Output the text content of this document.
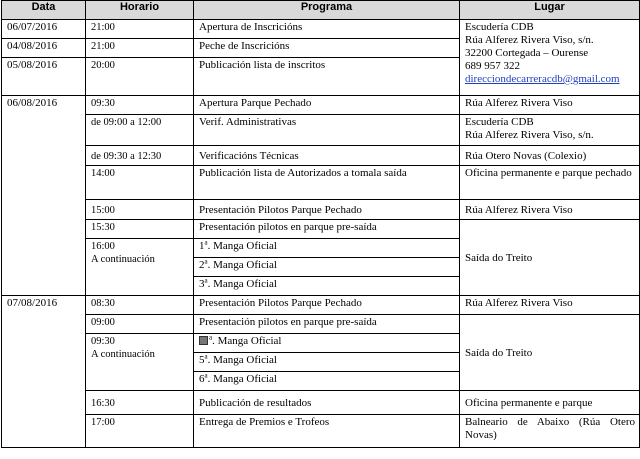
Data	Horario	Programa	Lugar
06/07/2016	21:00	Apertura de Inscricións	Escudería CDB
Rúa Alferez Rivera Viso, s/n.
32200 Cortegada – Ourense
689 957 322
direcciondecarreracdb@gmail.com

04/08/2016	21:00	Peche de Inscricións	
05/08/2016	20:00	Publicación lista de inscritos	
06/08/2016	09:30	Apertura Parque Pechado	Rúa Alferez Rivera Viso
	de 09:00 a 12:00	Verif. Administrativas	Escudería CDB
Rúa Alferez Rivera Viso, s/n.

	de 09:30 a 12:30	Verificacións Técnicas	Rúa Otero Novas (Colexio)
	14:00	Publicación lista de Autorizados a tomala saída	Oficina permanente e parque pechado
	15:00	Presentación Pilotos Parque Pechado	Rúa Alferez Rivera Viso
	15:30	Presentación pilotos en parque pre-saída	Saída do Treito

	16:00
A continuación	1$^a$. Manga Oficial	
		2$^a$. Manga Oficial	
		3$^a$. Manga Oficial	
07/08/2016	08:30	Presentación Pilotos Parque Pechado	Rúa Alferez Rivera Viso
	09:00	Presentación pilotos en parque pre-saída	Saída do Treito

	09:30
A continuación	$^a$. Manga Oficial	
		5$^a$. Manga Oficial	
		6$^a$. Manga Oficial	
	16:30	Publicación de resultados	Oficina permanente e parque
	17:00	Entrega de Premios e Trofeos	Balneario de Abaixo (Rúa Otero Novas)
